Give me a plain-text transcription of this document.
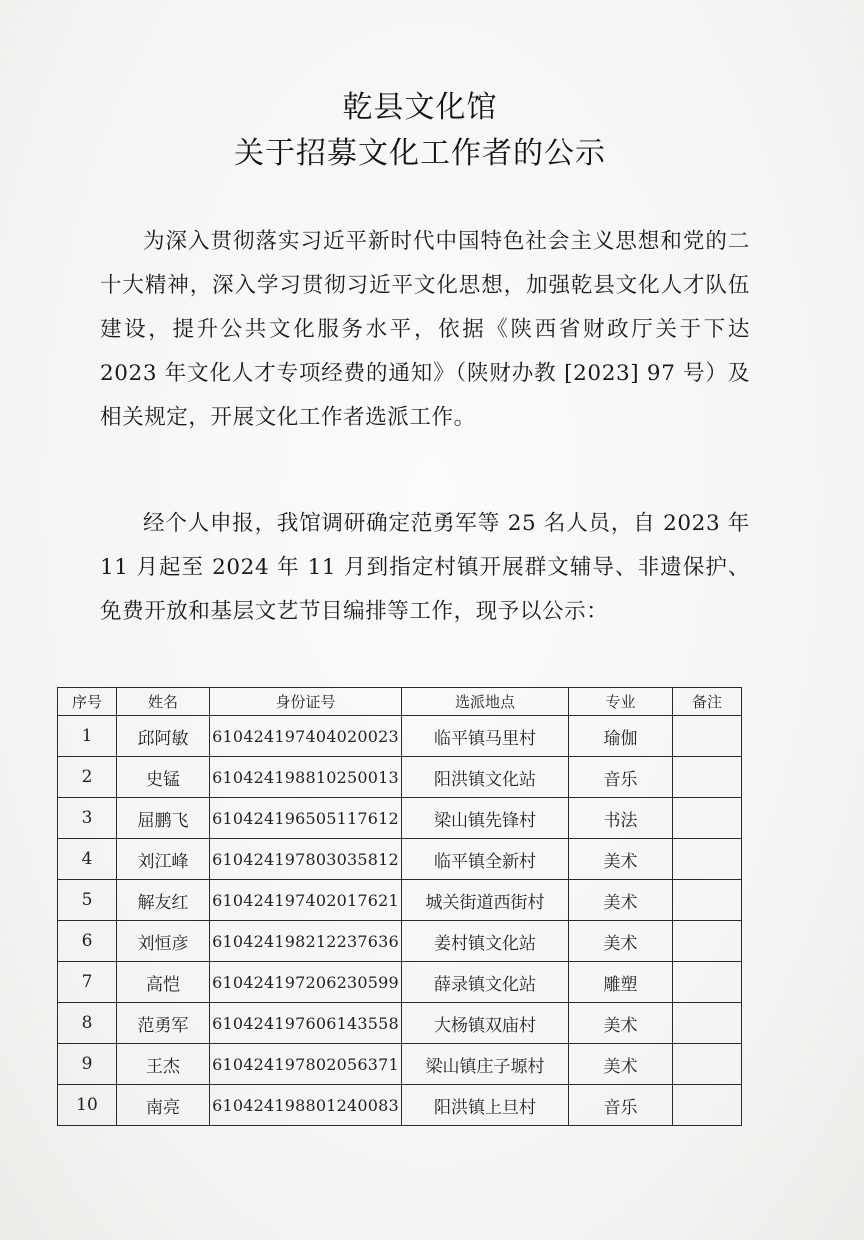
乾县文化馆
关于招募文化工作者的公示

为深入贯彻落实习近平新时代中国特色社会主义思想和党的二十大精神，深入学习贯彻习近平文化思想，加强乾县文化人才队伍建设，提升公共文化服务水平，依据《陕西省财政厅关于下达 2023 年文化人才专项经费的通知》（陕财办教 [2023] 97 号）及相关规定，开展文化工作者选派工作。

经个人申报，我馆调研确定范勇军等 25 名人员，自 2023 年 11 月起至 2024 年 11 月到指定村镇开展群文辅导、非遗保护、免费开放和基层文艺节目编排等工作，现予以公示：

序号	姓名	身份证号	选派地点	专业	备注
1	邱阿敏	610424197404020023	临平镇马里村	瑜伽	
2	史锰	610424198810250013	阳洪镇文化站	音乐	
3	屈鹏飞	610424196505117612	梁山镇先锋村	书法	
4	刘江峰	610424197803035812	临平镇全新村	美术	
5	解友红	610424197402017621	城关街道西街村	美术	
6	刘恒彦	610424198212237636	姜村镇文化站	美术	
7	高恺	610424197206230599	薛录镇文化站	雕塑	
8	范勇军	610424197606143558	大杨镇双庙村	美术	
9	王杰	610424197802056371	梁山镇庄子塬村	美术	
10	南亮	610424198801240083	阳洪镇上旦村	音乐	
